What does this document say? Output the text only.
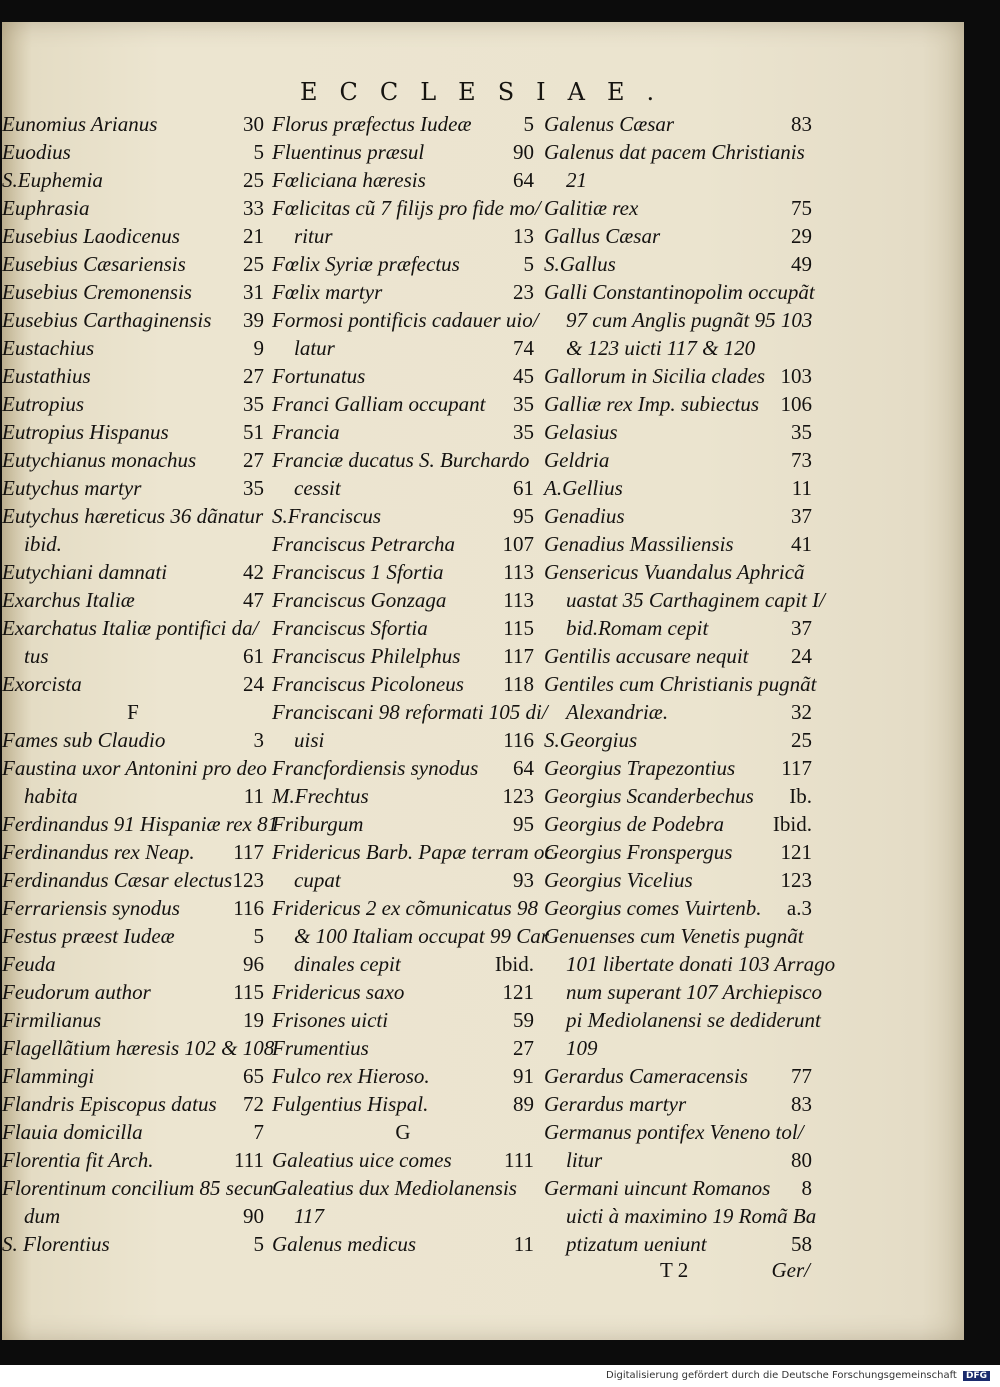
ECCLESIAE.
Eunomius Arianus	30
Euodius	5
S.Euphemia	25
Euphrasia	33
Eusebius Laodicenus	21
Eusebius Cæsariensis	25
Eusebius Cremonensis 31
Eusebius Carthaginensis 39
Eustachius	9
Eustathius	27
Eutropius	35
Eutropius Hispanus	51
Eutychianus monachus 27
Eutychus martyr	35
Eutychus hæreticus 36 dãnatur
ibid.
Eutychiani damnati	42
Exarchus Italiæ	47
Exarchatus Italiæ pontifici da/
tus	61
Exorcista	24
F
Fames sub Claudio	3
Faustina uxor Antonini pro deo
habita	11
Ferdinandus 91 Hispaniæ rex 81
Ferdinandus rex Neap. 117
Ferdinandus Cæsar electus 123
Ferrariensis synodus	116
Festus præest Iudeæ	5
Feuda	96
Feudorum author	115
Firmilianus	19
Flagellãtium hæresis 102 & 108
Flammingi	65
Flandris Episcopus datus 72
Flauia domicilla	7
Florentia fit Arch.	111
Florentinum concilium 85 secun
dum	90
S. Florentius	5
Florus præfectus Iudeæ 5
Fluentinus præsul	90
Fœliciana hæresis	64
Fœlicitas cũ 7 filijs pro fide mo/
ritur	13
Fœlix Syriæ præfectus	5
Fœlix martyr	23
Formosi pontificis cadauer uio/
latur	74
Fortunatus	45
Franci Galliam occupant 35
Francia	35
Franciæ ducatus S. Burchardo
cessit	61
S.Franciscus	95
Franciscus Petrarcha 107
Franciscus 1 Sfortia	113
Franciscus Gonzaga	113
Franciscus Sfortia	115
Franciscus Philelphus 117
Franciscus Picoloneus 118
Franciscani 98 reformati 105 di/
uisi	116
Francfordiensis synodus 64
M.Frechtus	123
Friburgum	95
Fridericus Barb. Papæ terram oc
cupat	93
Fridericus 2 ex cõmunicatus 98
& 100 Italiam occupat 99 Car
dinales cepit	Ibid.
Fridericus saxo	121
Frisones uicti	59
Frumentius	27
Fulco rex Hieroso.	91
Fulgentius Hispal.	89
G
Galeatius uice comes 111
Galeatius dux Mediolanensis
117
Galenus medicus	11
Galenus Cæsar	83
Galenus dat pacem Christianis
21
Galitiæ rex	75
Gallus Cæsar	29
S.Gallus	49
Galli Constantinopolim occupãt
97 cum Anglis pugnãt 95 103
& 123 uicti 117 & 120
Gallorum in Sicilia clades 103
Galliæ rex Imp. subiectus 106
Gelasius	35
Geldria	73
A.Gellius	11
Genadius	37
Genadius Massiliensis	41
Gensericus Vuandalus Aphricã
uastat 35 Carthaginem capit I/
bid.Romam cepit	37
Gentilis accusare nequit 24
Gentiles cum Christianis pugnãt
Alexandriæ.	32
S.Georgius	25
Georgius Trapezontius 117
Georgius Scanderbechus Ib.
Georgius de Podebra Ibid.
Georgius Fronspergus 121
Georgius Vicelius	123
Georgius comes Vuirtenb. a.3
Genuenses cum Venetis pugnãt
101 libertate donati 103 Arrago
num superant 107 Archiepisco
pi Mediolanensi se dediderunt
109
Gerardus Cameracensis 77
Gerardus martyr	83
Germanus pontifex Veneno tol/
litur	80
Germani uincunt Romanos 8
uicti à maximino 19 Romã Ba
ptizatum ueniunt	58
T 2	Ger/
Digitalisierung gefördert durch die Deutsche Forschungsgemeinschaft DFG
